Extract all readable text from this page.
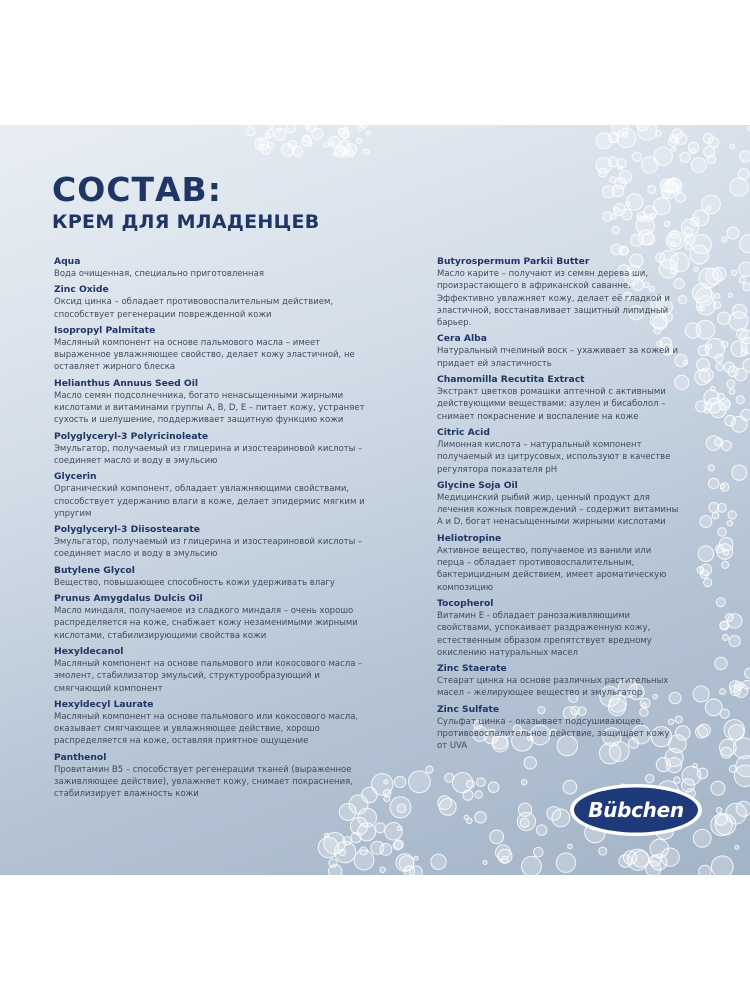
СОСТАВ:
КРЕМ ДЛЯ МЛАДЕНЦЕВ
Aqua
Вода очищенная, специально приготовленная
Zinc Oxide
Оксид цинка – обладает противовоспалительным действием,
способствует регенерации поврежденной кожи
Isopropyl Palmitate
Масляный компонент на основе пальмового масла – имеет
выраженное увлажняющее свойство, делает кожу эластичной, не
оставляет жирного блеска
Helianthus Annuus Seed Oil
Масло семян подсолнечника, богато ненасыщенными жирными
кислотами и витаминами группы A, B, D, E – питает кожу, устраняет
сухость и шелушение, поддерживает защитную функцию кожи
Polyglyceryl-3 Polyricinoleate
Эмульгатор, получаемый из глицерина и изостеариновой кислоты –
соединяет масло и воду в эмульсию
Glycerin
Органический компонент, обладает увлажняющими свойствами,
способствует удержанию влаги в коже, делает эпидермис мягким и
упругим
Polyglyceryl-3 Diisostearate
Эмульгатор, получаемый из глицерина и изостеариновой кислоты –
соединяет масло и воду в эмульсию
Butylene Glycol
Вещество, повышающее способность кожи удерживать влагу
Prunus Amygdalus Dulcis Oil
Масло миндаля, получаемое из сладкого миндаля – очень хорошо
распределяется на коже, снабжает кожу незаменимыми жирными
кислотами, стабилизирующими свойства кожи
Hexyldecanol
Масляный компонент на основе пальмового или кокосового масла –
эмолент, стабилизатор эмульсий, структурообразующий и
смягчающий компонент
Hexyldecyl Laurate
Масляный компонент на основе пальмового или кокосового масла,
оказывает смягчающее и увлажняющее действие, хорошо
распределяется на коже, оставляя приятное ощущение
Panthenol
Провитамин B5 – способствует регенерации тканей (выраженное
заживляющее действие), увлажняет кожу, снимает покраснения,
стабилизирует влажность кожи
Butyrospermum Parkii Butter
Масло карите – получают из семян дерева ши,
произрастающего в африканской саванне.
Эффективно увлажняет кожу, делает её гладкой и
эластичной, восстанавливает защитный липидный
барьер.
Cera Alba
Натуральный пчелиный воск – ухаживает за кожей и
придает ей эластичность
Chamomilla Recutita Extract
Экстракт цветков ромашки аптечной с активными
действующими веществами: азулен и бисаболол –
снимает покраснение и воспаление на коже
Citric Acid
Лимонная кислота – натуральный компонент
получаемый из цитрусовых, используют в качестве
регулятора показателя pH
Glycine Soja Oil
Медицинский рыбий жир, ценный продукт для
лечения кожных повреждений – содержит витамины
A и D, богат ненасыщенными жирными кислотами
Heliotropine
Активное вещество, получаемое из ванили или
перца – обладает противовоспалительным,
бактерицидным действием, имеет ароматическую
композицию
Tocopherol
Витамин Е - обладает ранозаживляющими
свойствами, успокаивает раздраженную кожу,
естественным образом препятствует вредному
окислению натуральных масел
Zinc Staerate
Стеарат цинка на основе различных растительных
масел – желирующее вещество и эмульгатор
Zinc Sulfate
Сульфат цинка – оказывает подсушивающее,
противовоспалительное действие, защищает кожу
от UVA
Bübchen
